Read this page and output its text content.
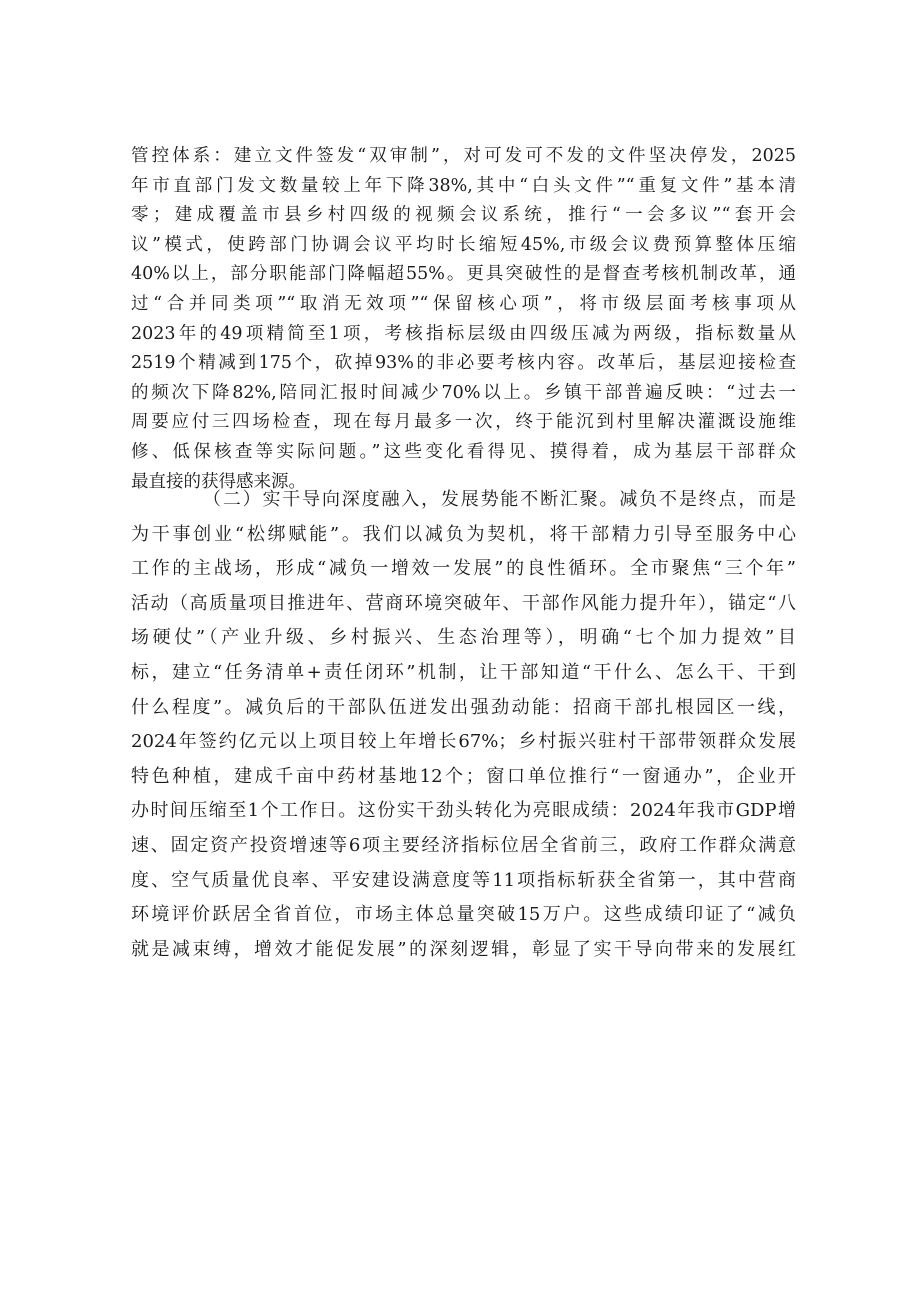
管控体系：建立文件签发“双审制”，对可发可不发的文件坚决停发，2025
年市直部门发文数量较上年下降38%,其中“白头文件”“重复文件”基本清
零；建成覆盖市县乡村四级的视频会议系统，推行“一会多议”“套开会
议”模式，使跨部门协调会议平均时长缩短45%,市级会议费预算整体压缩
40%以上，部分职能部门降幅超55%。更具突破性的是督查考核机制改革，通
过“合并同类项”“取消无效项”“保留核心项”，将市级层面考核事项从
2023年的49项精简至1项，考核指标层级由四级压减为两级，指标数量从
2519个精减到175个，砍掉93%的非必要考核内容。改革后，基层迎接检查
的频次下降82%,陪同汇报时间减少70%以上。乡镇干部普遍反映：“过去一
周要应付三四场检查，现在每月最多一次，终于能沉到村里解决灌溉设施维
修、低保核查等实际问题。”这些变化看得见、摸得着，成为基层干部群众
最直接的获得感来源。
（二）实干导向深度融入，发展势能不断汇聚。减负不是终点，而是
为干事创业“松绑赋能”。我们以减负为契机，将干部精力引导至服务中心
工作的主战场，形成“减负一增效一发展”的良性循环。全市聚焦“三个年”
活动（高质量项目推进年、营商环境突破年、干部作风能力提升年），锚定“八
场硬仗”（产业升级、乡村振兴、生态治理等），明确“七个加力提效”目
标，建立“任务清单+责任闭环”机制，让干部知道“干什么、怎么干、干到
什么程度”。减负后的干部队伍迸发出强劲动能：招商干部扎根园区一线，
2024年签约亿元以上项目较上年增长67%；乡村振兴驻村干部带领群众发展
特色种植，建成千亩中药材基地12个；窗口单位推行“一窗通办”，企业开
办时间压缩至1个工作日。这份实干劲头转化为亮眼成绩：2024年我市GDP增
速、固定资产投资增速等6项主要经济指标位居全省前三，政府工作群众满意
度、空气质量优良率、平安建设满意度等11项指标斩获全省第一，其中营商
环境评价跃居全省首位，市场主体总量突破15万户。这些成绩印证了“减负
就是减束缚，增效才能促发展”的深刻逻辑，彰显了实干导向带来的发展红
